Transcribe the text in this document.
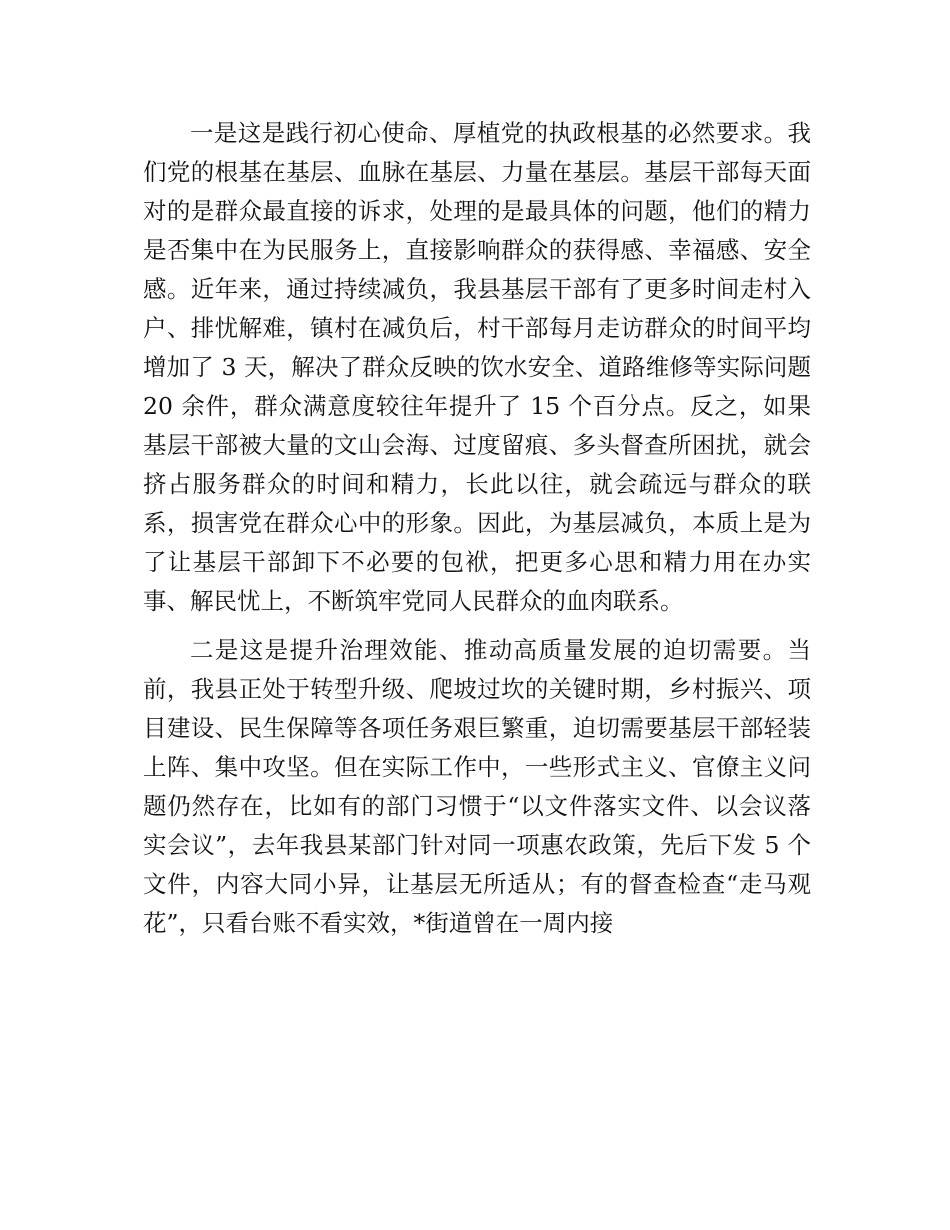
一是这是践行初心使命、厚植党的执政根基的必然要求。我们党的根基在基层、血脉在基层、力量在基层。基层干部每天面对的是群众最直接的诉求，处理的是最具体的问题，他们的精力是否集中在为民服务上，直接影响群众的获得感、幸福感、安全感。近年来，通过持续减负，我县基层干部有了更多时间走村入户、排忧解难，镇村在减负后，村干部每月走访群众的时间平均增加了 3 天，解决了群众反映的饮水安全、道路维修等实际问题 20 余件，群众满意度较往年提升了 15 个百分点。反之，如果基层干部被大量的文山会海、过度留痕、多头督查所困扰，就会挤占服务群众的时间和精力，长此以往，就会疏远与群众的联系，损害党在群众心中的形象。因此，为基层减负，本质上是为了让基层干部卸下不必要的包袱，把更多心思和精力用在办实事、解民忧上，不断筑牢党同人民群众的血肉联系。

二是这是提升治理效能、推动高质量发展的迫切需要。当前，我县正处于转型升级、爬坡过坎的关键时期，乡村振兴、项目建设、民生保障等各项任务艰巨繁重，迫切需要基层干部轻装上阵、集中攻坚。但在实际工作中，一些形式主义、官僚主义问题仍然存在，比如有的部门习惯于“以文件落实文件、以会议落实会议”，去年我县某部门针对同一项惠农政策，先后下发 5 个文件，内容大同小异，让基层无所适从；有的督查检查“走马观花”，只看台账不看实效，*街道曾在一周内接
